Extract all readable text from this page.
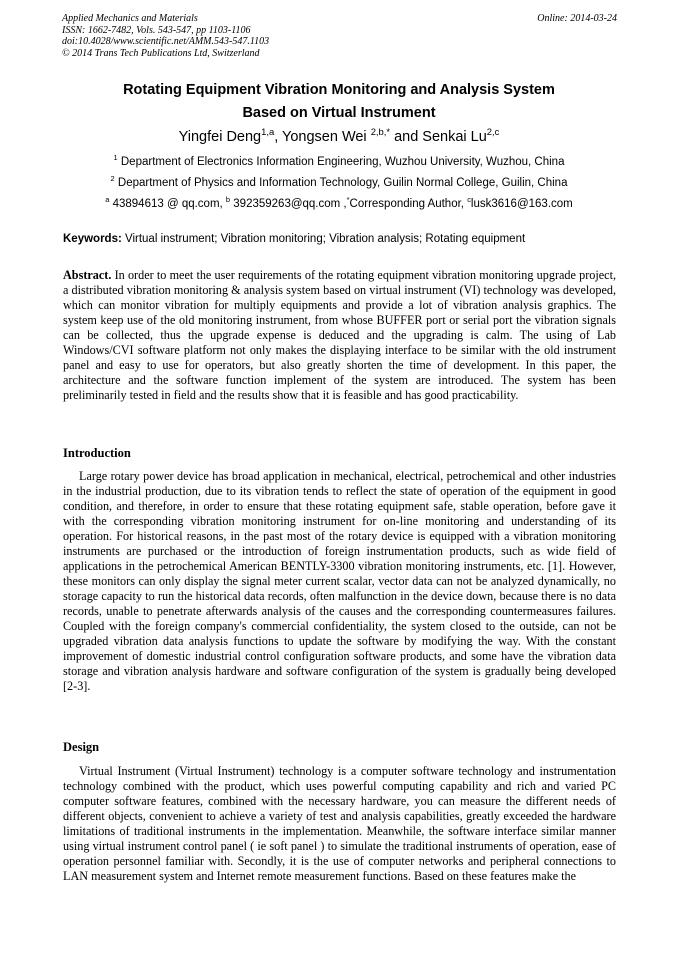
Applied Mechanics and Materials
ISSN: 1662-7482, Vols. 543-547, pp 1103-1106
doi:10.4028/www.scientific.net/AMM.543-547.1103
© 2014 Trans Tech Publications Ltd, Switzerland
Online: 2014-03-24
Rotating Equipment Vibration Monitoring and Analysis System
Based on Virtual Instrument
Yingfei Deng$^{1,a}$, Yongsen Wei $^{2,b,*}$ and Senkai Lu$^{2,c}$
$^1$ Department of Electronics Information Engineering, Wuzhou University, Wuzhou, China
$^2$ Department of Physics and Information Technology, Guilin Normal College, Guilin, China
$^a$ 43894613 @ qq.com, $^b$ 392359263@qq.com ,*Corresponding Author, $^c$lusk3616@163.com
Keywords: Virtual instrument; Vibration monitoring; Vibration analysis; Rotating equipment

Abstract. In order to meet the user requirements of the rotating equipment vibration monitoring upgrade project, a distributed vibration monitoring & analysis system based on virtual instrument (VI) technology was developed, which can monitor vibration for multiply equipments and provide a lot of vibration analysis graphics. The system keep use of the old monitoring instrument, from whose BUFFER port or serial port the vibration signals can be collected, thus the upgrade expense is deduced and the upgrading is calm. The using of Lab Windows/CVI software platform not only makes the displaying interface to be similar with the old instrument panel and easy to use for operators, but also greatly shorten the time of development. In this paper, the architecture and the software function implement of the system are introduced. The system has been preliminarily tested in field and the results show that it is feasible and has good practicability.

Introduction

Large rotary power device has broad application in mechanical, electrical, petrochemical and other industries in the industrial production, due to its vibration tends to reflect the state of operation of the equipment in good condition, and therefore, in order to ensure that these rotating equipment safe, stable operation, before gave it with the corresponding vibration monitoring instrument for on-line monitoring and understanding of its operation. For historical reasons, in the past most of the rotary device is equipped with a vibration monitoring instruments are purchased or the introduction of foreign instrumentation products, such as wide field of applications in the petrochemical American BENTLY-3300 vibration monitoring instruments, etc. [1]. However, these monitors can only display the signal meter current scalar, vector data can not be analyzed dynamically, no storage capacity to run the historical data records, often malfunction in the device down, because there is no data records, unable to penetrate afterwards analysis of the causes and the corresponding countermeasures failures. Coupled with the foreign company's commercial confidentiality, the system closed to the outside, can not be upgraded vibration data analysis functions to update the software by modifying the way. With the constant improvement of domestic industrial control configuration software products, and some have the vibration data storage and vibration analysis hardware and software configuration of the system is gradually being developed [2-3].

Design

Virtual Instrument (Virtual Instrument) technology is a computer software technology and instrumentation technology combined with the product, which uses powerful computing capability and rich and varied PC computer software features, combined with the necessary hardware, you can measure the different needs of different objects, convenient to achieve a variety of test and analysis capabilities, greatly exceeded the hardware limitations of traditional instruments in the implementation. Meanwhile, the software interface similar manner using virtual instrument control panel ( ie soft panel ) to simulate the traditional instruments of operation, ease of operation personnel familiar with. Secondly, it is the use of computer networks and peripheral connections to LAN measurement system and Internet remote measurement functions. Based on these features make the
